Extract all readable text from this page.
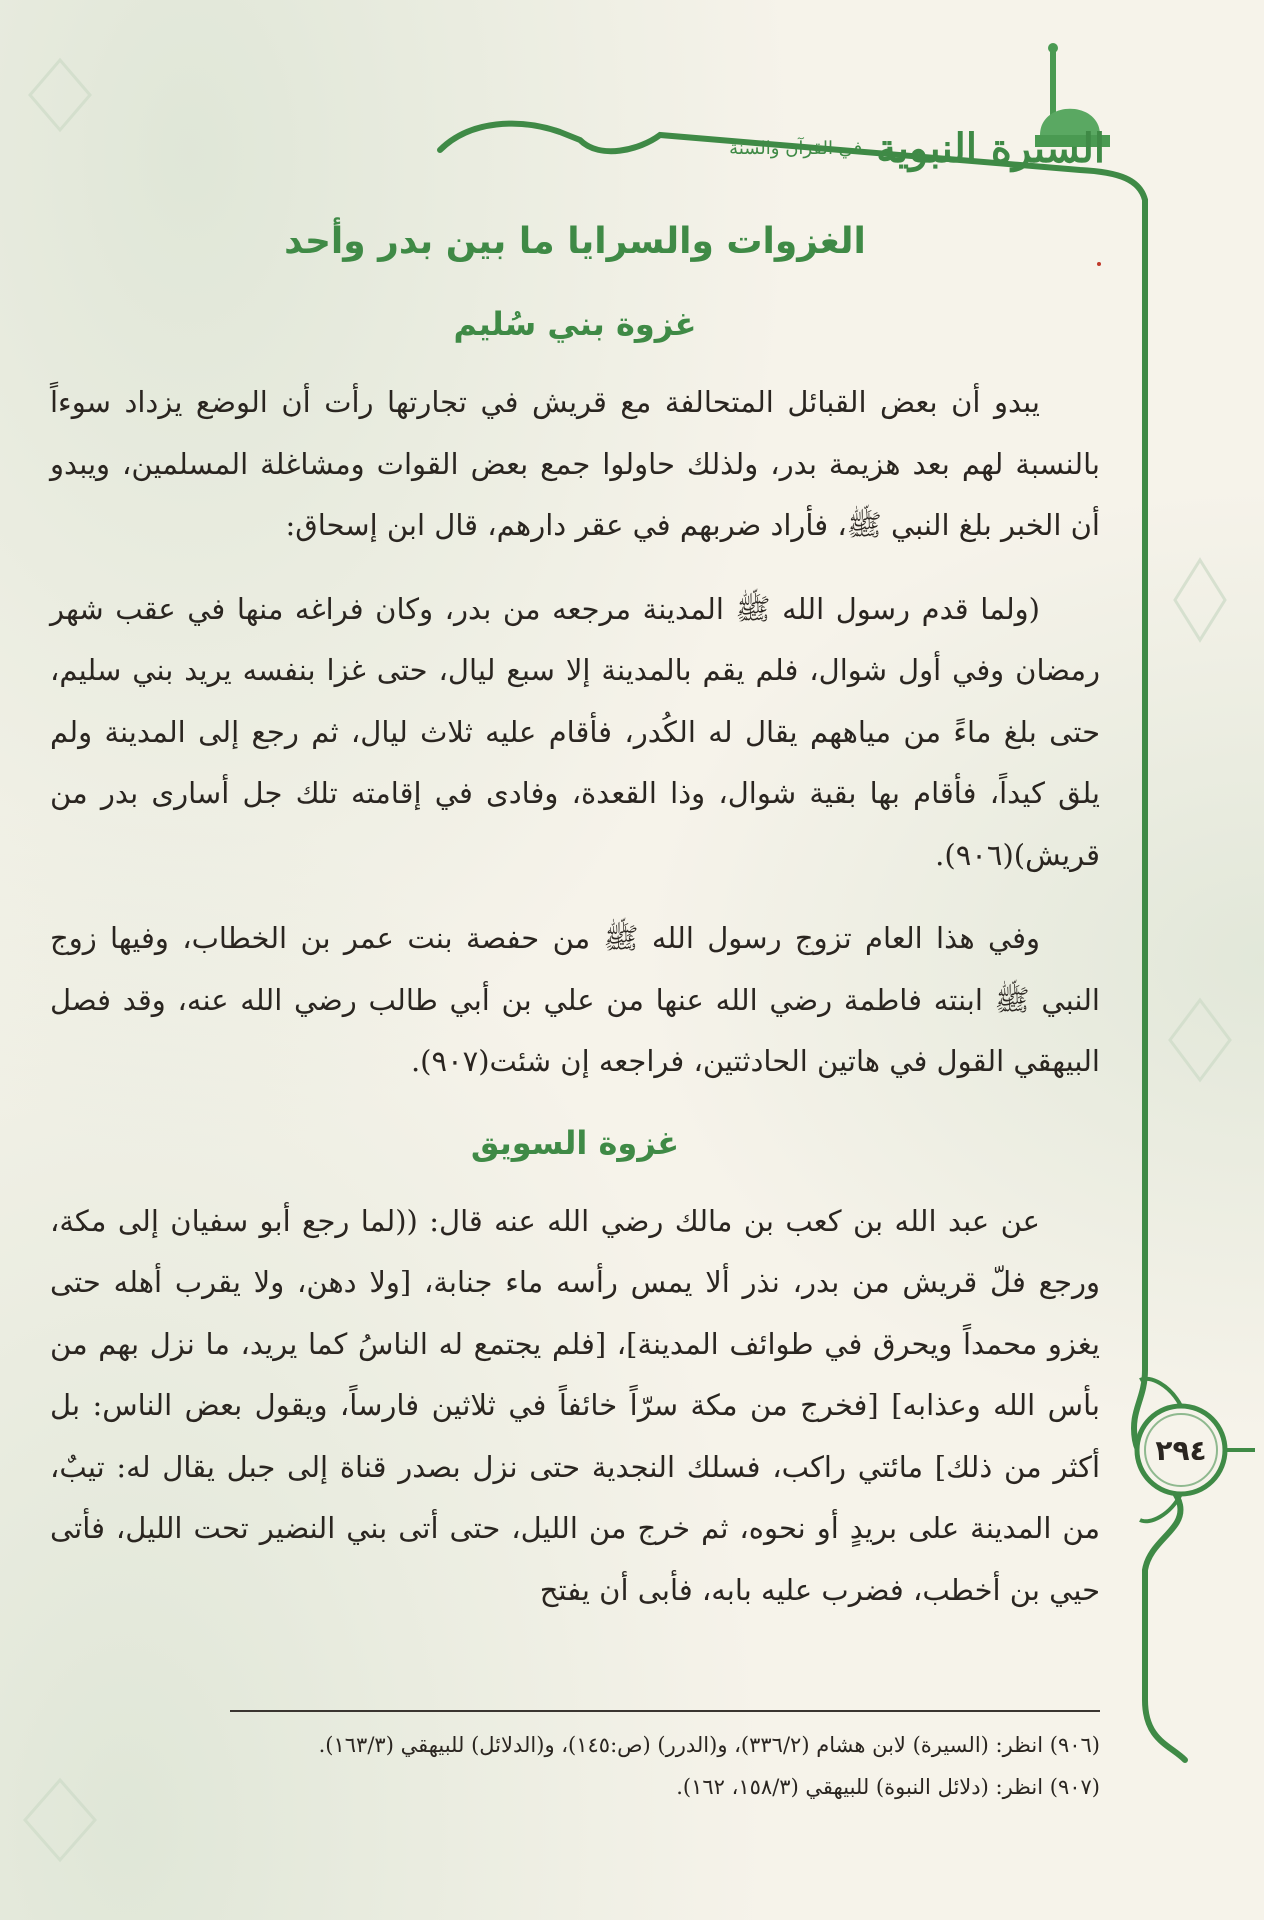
السيرة النبوية
في القرآن والسنة
الغزوات والسرايا ما بين بدر وأحد
غزوة بني سُليم

يبدو أن بعض القبائل المتحالفة مع قريش في تجارتها رأت أن الوضع يزداد سوءاً بالنسبة لهم بعد هزيمة بدر، ولذلك حاولوا جمع بعض القوات ومشاغلة المسلمين، ويبدو أن الخبر بلغ النبي ﷺ، فأراد ضربهم في عقر دارهم، قال ابن إسحاق:

(ولما قدم رسول الله ﷺ المدينة مرجعه من بدر، وكان فراغه منها في عقب شهر رمضان وفي أول شوال، فلم يقم بالمدينة إلا سبع ليال، حتى غزا بنفسه يريد بني سليم، حتى بلغ ماءً من مياههم يقال له الكُدر، فأقام عليه ثلاث ليال، ثم رجع إلى المدينة ولم يلق كيداً، فأقام بها بقية شوال، وذا القعدة، وفادى في إقامته تلك جل أسارى بدر من قريش)(٩٠٦).

وفي هذا العام تزوج رسول الله ﷺ من حفصة بنت عمر بن الخطاب، وفيها زوج النبي ﷺ ابنته فاطمة رضي الله عنها من علي بن أبي طالب رضي الله عنه، وقد فصل البيهقي القول في هاتين الحادثتين، فراجعه إن شئت(٩٠٧).

غزوة السويق

عن عبد الله بن كعب بن مالك رضي الله عنه قال: ((لما رجع أبو سفيان إلى مكة، ورجع فلّ قريش من بدر، نذر ألا يمس رأسه ماء جنابة، [ولا دهن، ولا يقرب أهله حتى يغزو محمداً ويحرق في طوائف المدينة]، [فلم يجتمع له الناسُ كما يريد، ما نزل بهم من بأس الله وعذابه] [فخرج من مكة سرّاً خائفاً في ثلاثين فارساً، ويقول بعض الناس: بل أكثر من ذلك] مائتي راكب، فسلك النجدية حتى نزل بصدر قناة إلى جبل يقال له: تيبٌ، من المدينة على بريدٍ أو نحوه، ثم خرج من الليل، حتى أتى بني النضير تحت الليل، فأتى حيي بن أخطب، فضرب عليه بابه، فأبى أن يفتح

٢٩٤

(٩٠٦) انظر: (السيرة) لابن هشام (٣٣٦/٢)، و(الدرر) (ص:١٤٥)، و(الدلائل) للبيهقي (١٦٣/٣).

(٩٠٧) انظر: (دلائل النبوة) للبيهقي (١٥٨/٣، ١٦٢).
